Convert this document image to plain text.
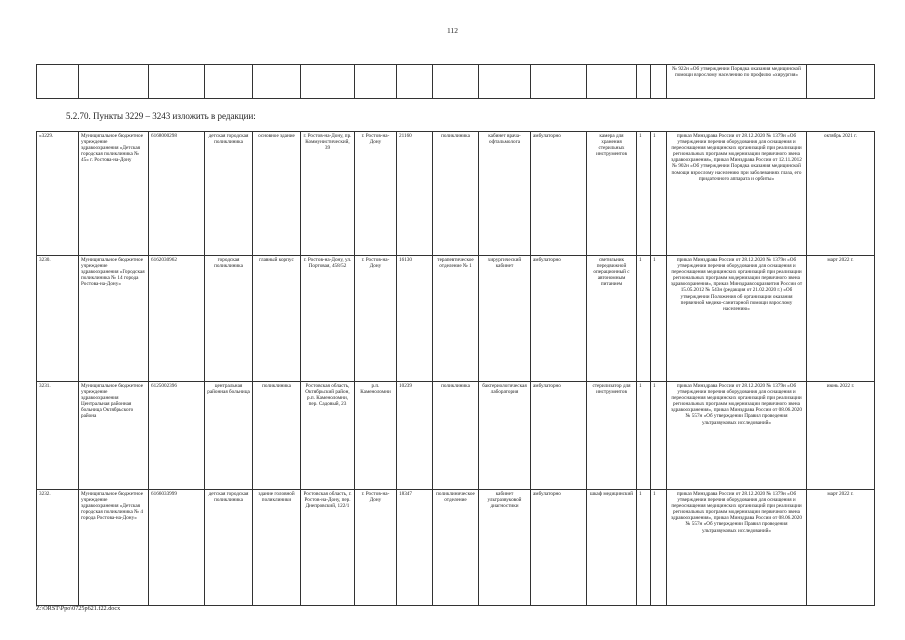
112
														№ 922н «Об утверждении Порядка оказания медицинской помощи взрослому населению по профилю «хирургия»	
5.2.70. Пункты 3229 – 3243 изложить в редакции:
«3229.	Муниципальное бюджетное учреждение здравоохранения «Детская городская поликлиника № 45» г. Ростова-на-Дону	6168000298	детская городская поликлиника	основное здание	г. Ростов-на-Дону, пр. Коммунистический, 39	г. Ростов-на-Дону	21160	поликлиника	кабинет врача-офтальмолога	амбулаторно	камера для хранения стерильных инструментов	1	1	приказ Минздрава России от 28.12.2020 № 1379н «Об утверждении перечня оборудования для оснащения и переоснащения медицинских организаций при реализации региональных программ модернизации первичного звена здравоохранения», приказ Минздрава России от 12.11.2012 № 902н «Об утверждении Порядка оказания медицинской помощи взрослому населению при заболеваниях глаза, его придаточного аппарата и орбиты»	октябрь 2021 г.
3230.	Муниципальное бюджетное учреждение здравоохранения «Городская поликлиника № 14 города Ростова-на-Дону»	6162030962	городская поликлиника	главный корпус	г. Ростов-на-Дону, ул. Портовая, 458/52	г. Ростов-на-Дону	16130	терапевтическое отделение № 1	хирургический кабинет	амбулаторно	светильник передвижной операционный с автономным питанием	1	1	приказ Минздрава России от 28.12.2020 № 1379н «Об утверждении перечня оборудования для оснащения и переоснащения медицинских организаций при реализации региональных программ модернизации первичного звена здравоохранения», приказ Минздравсоцразвития России от 15.05.2012 № 543н (редакция от 21.02.2020 г.) «Об утверждении Положения об организации оказания первичной медико-санитарной помощи взрослому населению»	март 2022 г.
3231.	Муниципальное бюджетное учреждение здравоохранения Центральная районная больница Октябрьского района	6125002396	центральная районная больница	поликлиника	Ростовская область, Октябрьский район, р.п. Каменоломни, пер. Садовый, 23	р.п. Каменоломни	10239	поликлиника	бактериологическая лаборатория	амбулаторно	стерилизатор для инструментов	1	1	приказ Минздрава России от 28.12.2020 № 1379н «Об утверждении перечня оборудования для оснащения и переоснащения медицинских организаций при реализации региональных программ модернизации первичного звена здравоохранения», приказ Минздрава России от 08.06.2020 № 557н «Об утверждении Правил проведения ультразвуковых исследований»	июнь 2022 г.
3232.	Муниципальное бюджетное учреждение здравоохранения «Детская городская поликлиника № 4 города Ростова-на-Дону»	6166033999	детская городская поликлиника	здание головной поликлиники	Ростовская область, г. Ростов-на-Дону, пер. Днепровский, 122/1	г. Ростов-на-Дону	18347	поликлиническое отделение	кабинет ультразвуковой диагностики	амбулаторно	шкаф медицинский	1	1	приказ Минздрава России от 28.12.2020 № 1379н «Об утверждении перечня оборудования для оснащения и переоснащения медицинских организаций при реализации региональных программ модернизации первичного звена здравоохранения», приказ Минздрава России от 08.06.2020 № 557н «Об утверждении Правил проведения ультразвуковых исследований»	март 2022 г.
Z:\ORST\Ppo\0725p621.f22.docx
